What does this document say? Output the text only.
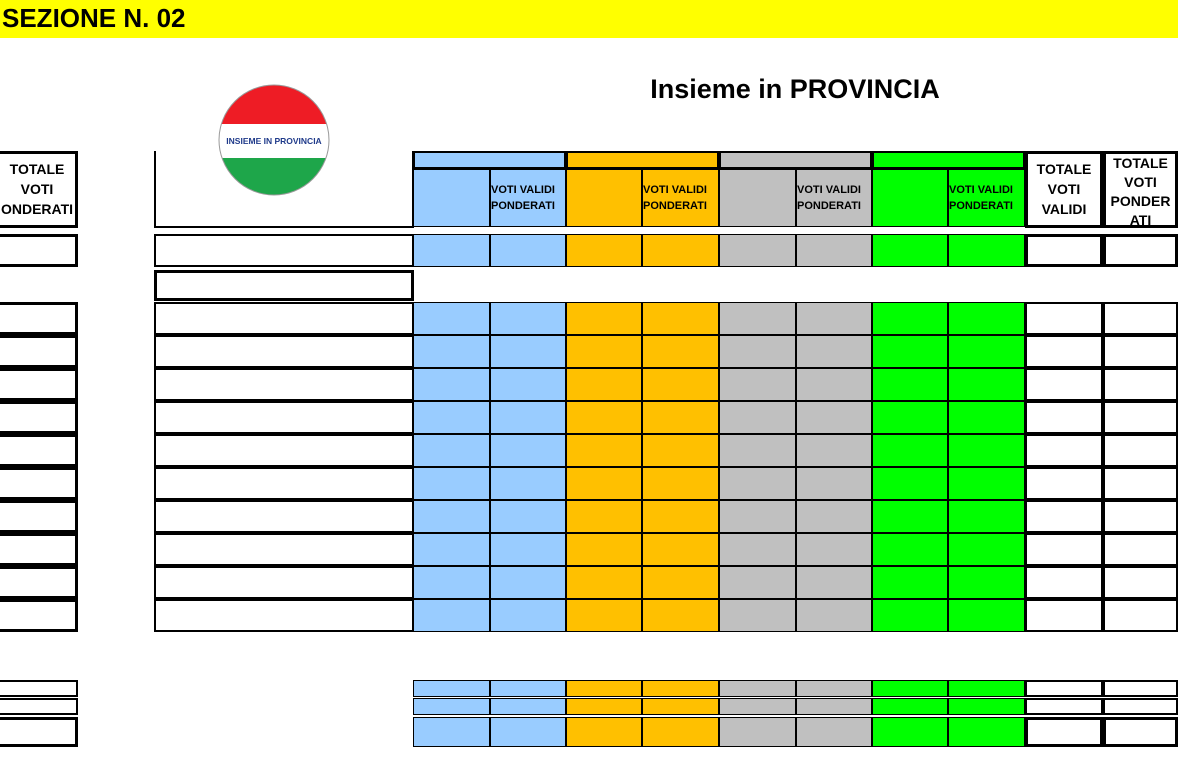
SEZIONE N. 02
Insieme in PROVINCIA
INSIEME IN PROVINCIA
VOTI VALIDI
PONDERATI
VOTI VALIDI
PONDERATI
VOTI VALIDI
PONDERATI
VOTI VALIDI
PONDERATI
TOTALE
VOTI
VALIDI
TOTALE
VOTI
PONDER
ATI
TOTALE
VOTI
ONDERATI
